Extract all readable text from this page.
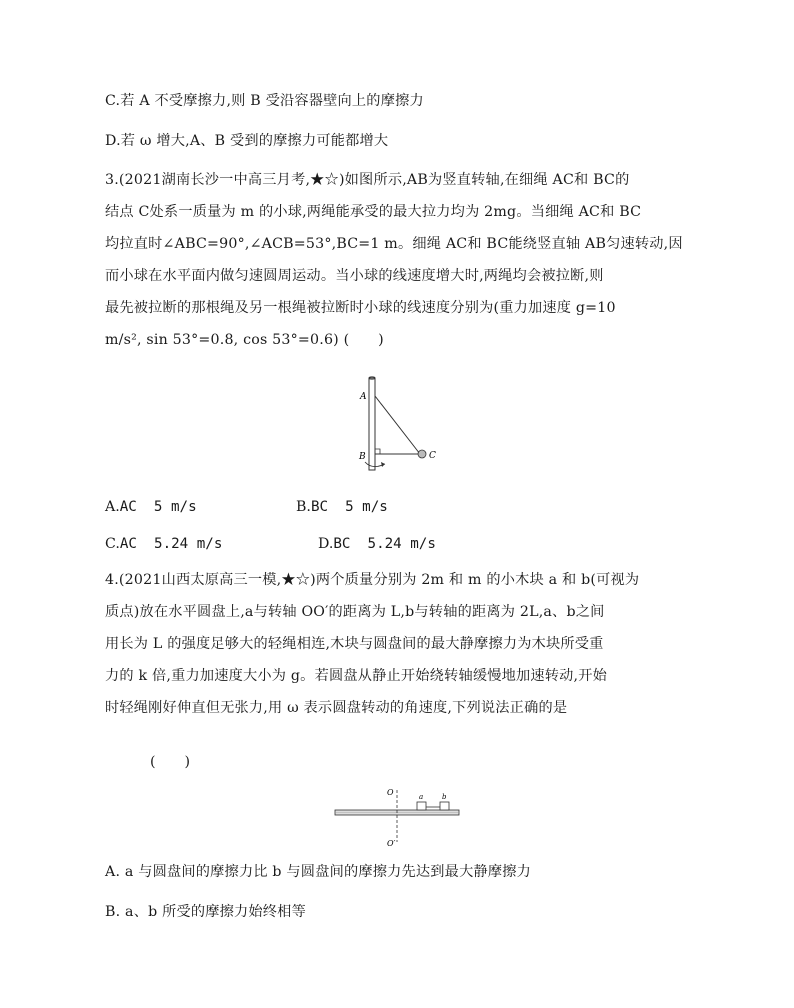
C.若 A 不受摩擦力,则 B 受沿容器壁向上的摩擦力
D.若 ω 增大,A、B 受到的摩擦力可能都增大
3.(2021湖南长沙一中高三月考,★☆)如图所示,AB为竖直转轴,在细绳 AC和 BC的
结点 C处系一质量为 m 的小球,两绳能承受的最大拉力均为 2mg。当细绳 AC和 BC
均拉直时∠ABC=90°,∠ACB=53°,BC=1 m。细绳 AC和 BC能绕竖直轴 AB匀速转动,因
而小球在水平面内做匀速圆周运动。当小球的线速度增大时,两绳均会被拉断,则
最先被拉断的那根绳及另一根绳被拉断时小球的线速度分别为(重力加速度 g=10
m/s², sin 53°=0.8, cos 53°=0.6) (　　)
A
B	C
A.AC  5 m/s	B.BC  5 m/s
C.AC  5.24 m/s	D.BC  5.24 m/s
4.(2021山西太原高三一模,★☆)两个质量分别为 2m 和 m 的小木块 a 和 b(可视为
质点)放在水平圆盘上,a与转轴 OO′的距离为 L,b与转轴的距离为 2L,a、b之间
用长为 L 的强度足够大的轻绳相连,木块与圆盘间的最大静摩擦力为木块所受重
力的 k 倍,重力加速度大小为 g。若圆盘从静止开始绕转轴缓慢地加速转动,开始
时轻绳刚好伸直但无张力,用 ω 表示圆盘转动的角速度,下列说法正确的是
(　　)
O
O′
a	b
A. a 与圆盘间的摩擦力比 b 与圆盘间的摩擦力先达到最大静摩擦力
B. a、b 所受的摩擦力始终相等
